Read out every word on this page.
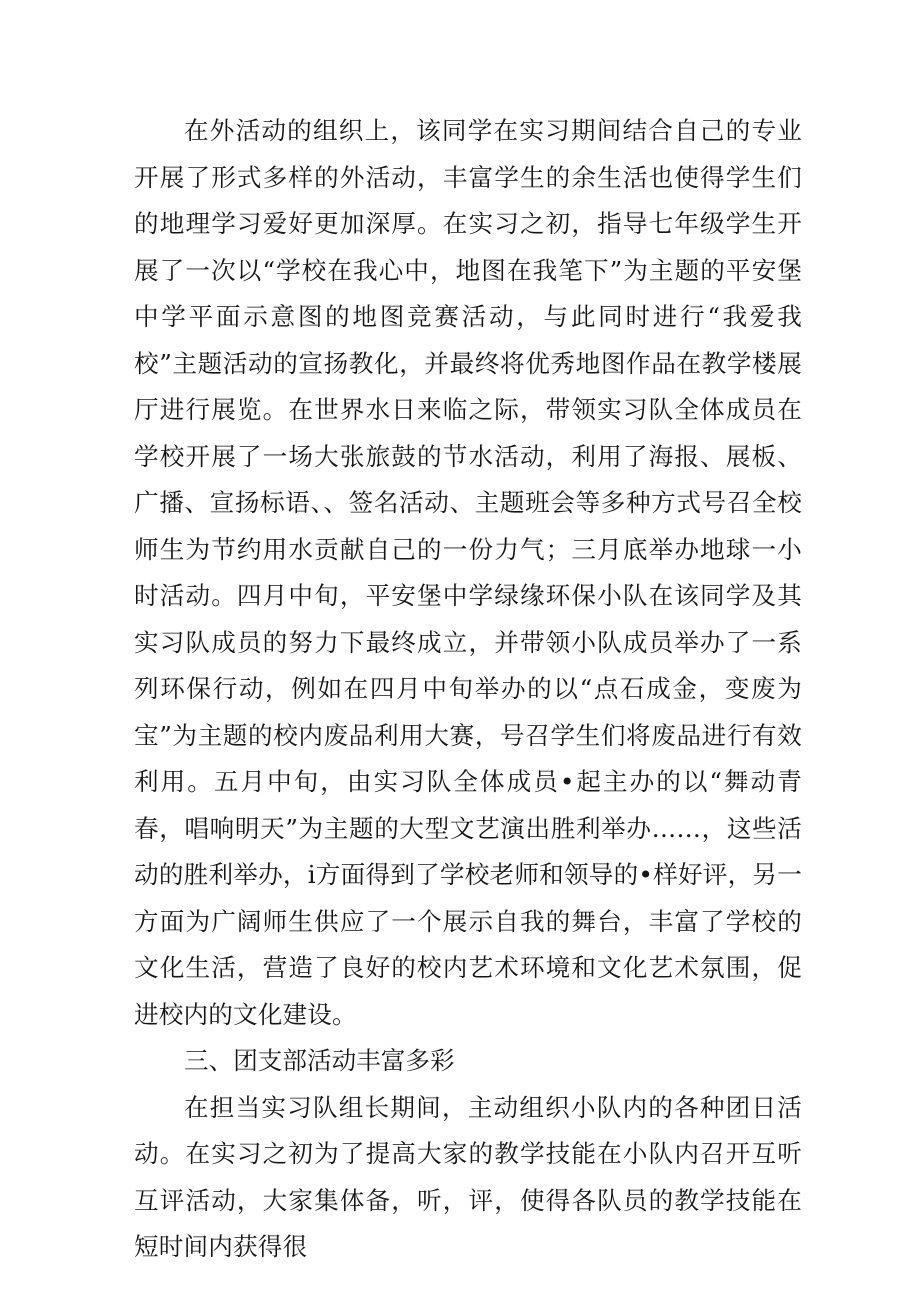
在外活动的组织上，该同学在实习期间结合自己的专业开展了形式多样的外活动，丰富学生的余生活也使得学生们的地理学习爱好更加深厚。在实习之初，指导七年级学生开展了一次以“学校在我心中，地图在我笔下”为主题的平安堡中学平面示意图的地图竞赛活动，与此同时进行“我爱我校”主题活动的宣扬教化，并最终将优秀地图作品在教学楼展厅进行展览。在世界水日来临之际，带领实习队全体成员在学校开展了一场大张旅鼓的节水活动，利用了海报、展板、广播、宣扬标语、、签名活动、主题班会等多种方式号召全校师生为节约用水贡献自己的一份力气；三月底举办地球一小时活动。四月中旬，平安堡中学绿缘环保小队在该同学及其实习队成员的努力下最终成立，并带领小队成员举办了一系列环保行动，例如在四月中旬举办的以“点石成金，变废为宝”为主题的校内废品利用大赛，号召学生们将废品进行有效利用。五月中旬，由实习队全体成员•起主办的以“舞动青春，唱响明天”为主题的大型文艺演出胜利举办……，这些活动的胜利举办，i方面得到了学校老师和领导的•样好评，另一方面为广阔师生供应了一个展示自我的舞台，丰富了学校的文化生活，营造了良好的校内艺术环境和文化艺术氛围，促进校内的文化建设。

三、团支部活动丰富多彩

在担当实习队组长期间，主动组织小队内的各种团日活动。在实习之初为了提高大家的教学技能在小队内召开互听互评活动，大家集体备，听，评，使得各队员的教学技能在短时间内获得很
